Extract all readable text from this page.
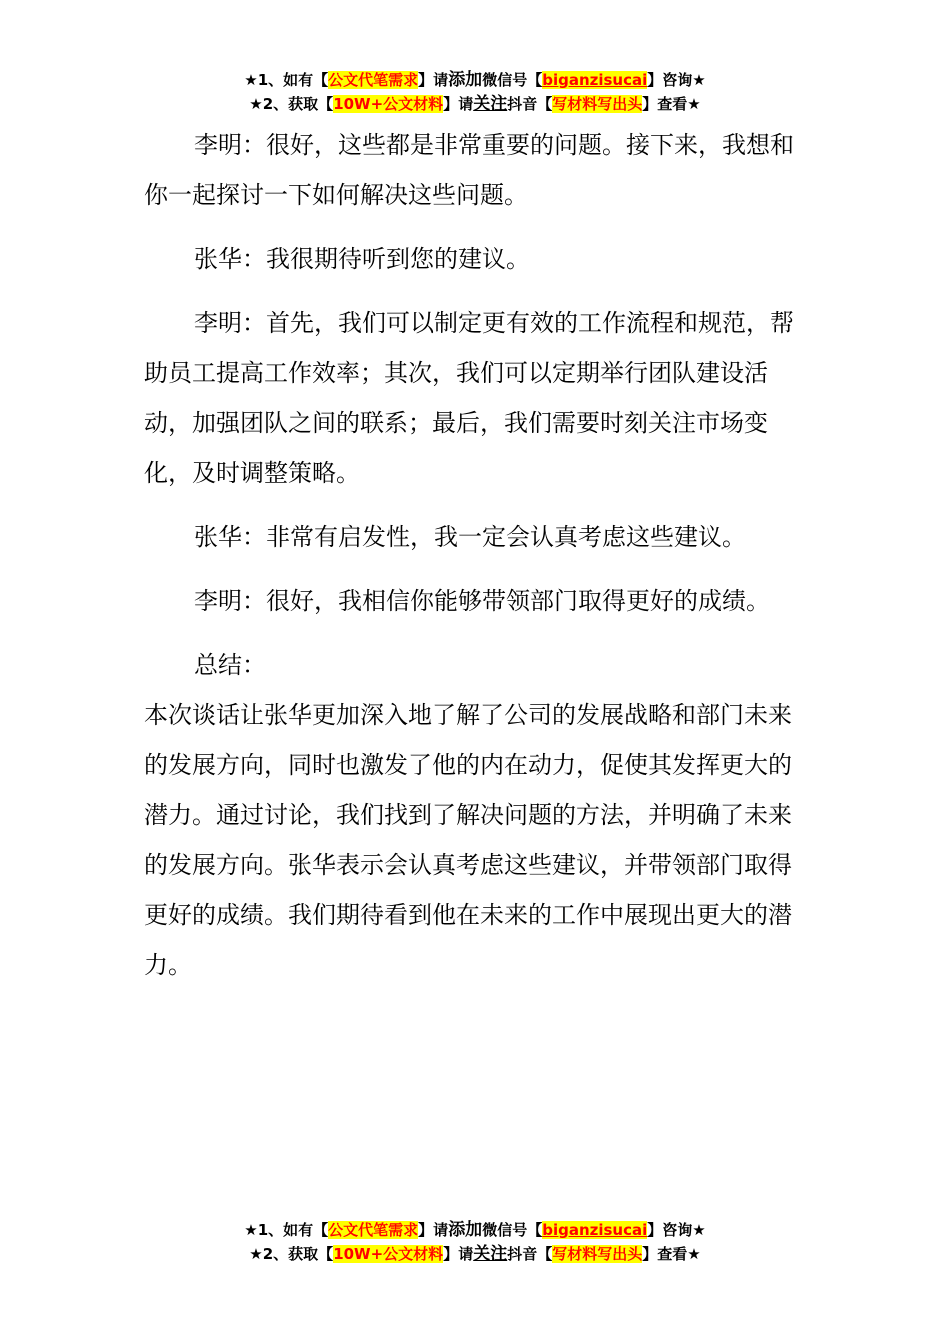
★1、如有【公文代笔需求】请添加微信号【biganzisucai】咨询★
★2、获取【10W+公文材料】请关注抖音【写材料写出头】查看★

李明：很好，这些都是非常重要的问题。接下来，我想和你一起探讨一下如何解决这些问题。

张华：我很期待听到您的建议。

李明：首先，我们可以制定更有效的工作流程和规范，帮助员工提高工作效率；其次，我们可以定期举行团队建设活动，加强团队之间的联系；最后，我们需要时刻关注市场变化，及时调整策略。

张华：非常有启发性，我一定会认真考虑这些建议。

李明：很好，我相信你能够带领部门取得更好的成绩。

总结：

本次谈话让张华更加深入地了解了公司的发展战略和部门未来的发展方向，同时也激发了他的内在动力，促使其发挥更大的潜力。通过讨论，我们找到了解决问题的方法，并明确了未来的发展方向。张华表示会认真考虑这些建议，并带领部门取得更好的成绩。我们期待看到他在未来的工作中展现出更大的潜力。

★1、如有【公文代笔需求】请添加微信号【biganzisucai】咨询★
★2、获取【10W+公文材料】请关注抖音【写材料写出头】查看★
